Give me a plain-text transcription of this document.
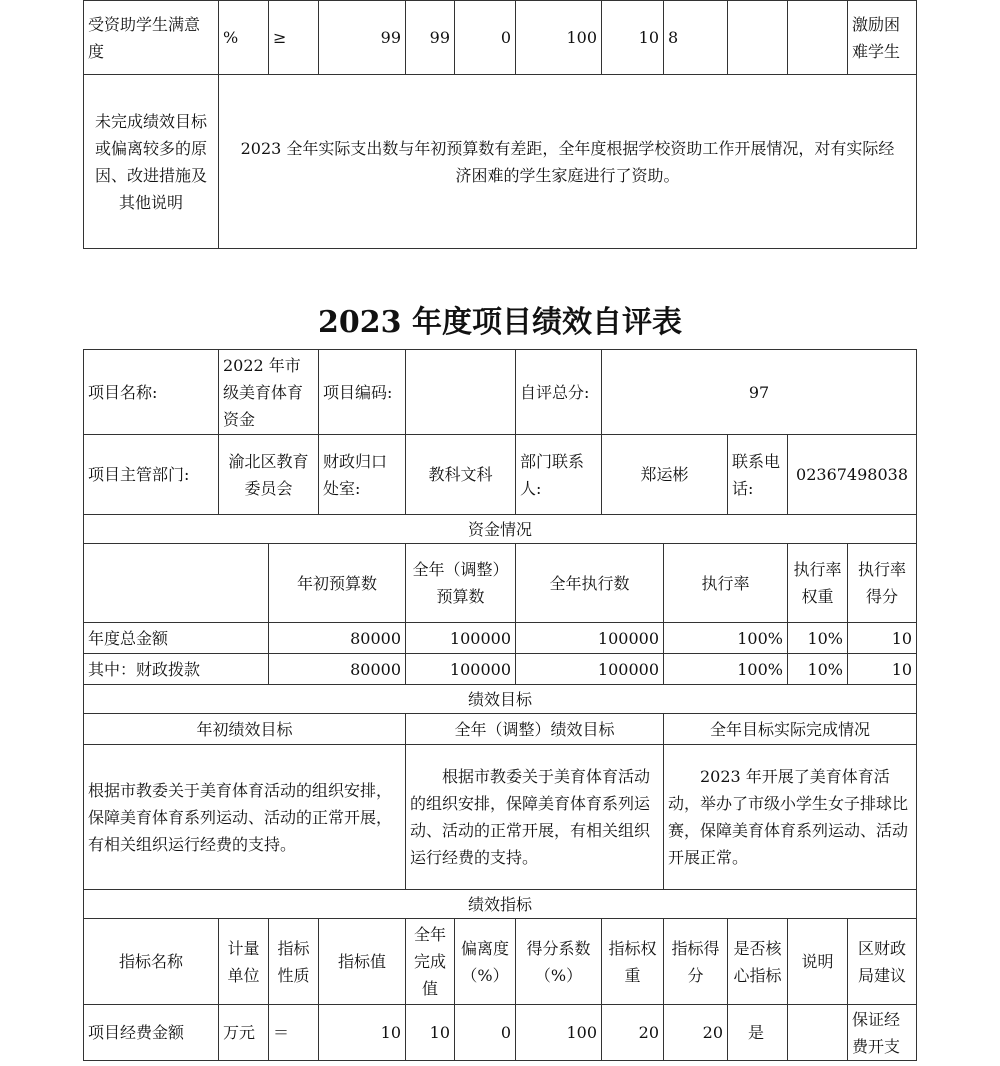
受资助学生满意度	%	≥	99	99	0	100	10	8			激励困难学生
未完成绩效目标或偏离较多的原因、改进措施及其他说明	2023 全年实际支出数与年初预算数有差距，全年度根据学校资助工作开展情况，对有实际经济困难的学生家庭进行了资助。										
2023 年度项目绩效自评表
项目名称:	2022 年市级美育体育资金		项目编码:			自评总分:	97				
项目主管部门:	渝北区教育委员会		财政归口处室:	教科文科		部门联系人:	郑运彬		联系电话:	02367498038	
资金情况											
		年初预算数		全年（调整）预算数		全年执行数		执行率		执行率权重	执行率得分
年度总金额		80000		100000		100000		100%		10%	10
其中：财政拨款		80000		100000		100000		100%		10%	10
绩效目标											
年初绩效目标				全年（调整）绩效目标				全年目标实际完成情况			
根据市教委关于美育体育活动的组织安排，保障美育体育系列运动、活动的正常开展，有相关组织运行经费的支持。				根据市教委关于美育体育活动的组织安排，保障美育体育系列运动、活动的正常开展，有相关组织运行经费的支持。				2023 年开展了美育体育活动，举办了市级小学生女子排球比赛，保障美育体育系列运动、活动开展正常。			
绩效指标											
指标名称	计量单位	指标性质	指标值	全年完成值	偏离度（%）	得分系数（%）	指标权重	指标得分	是否核心指标	说明	区财政局建议
项目经费金额	万元	＝	10	10	0	100	20	20	是		保证经费开支
